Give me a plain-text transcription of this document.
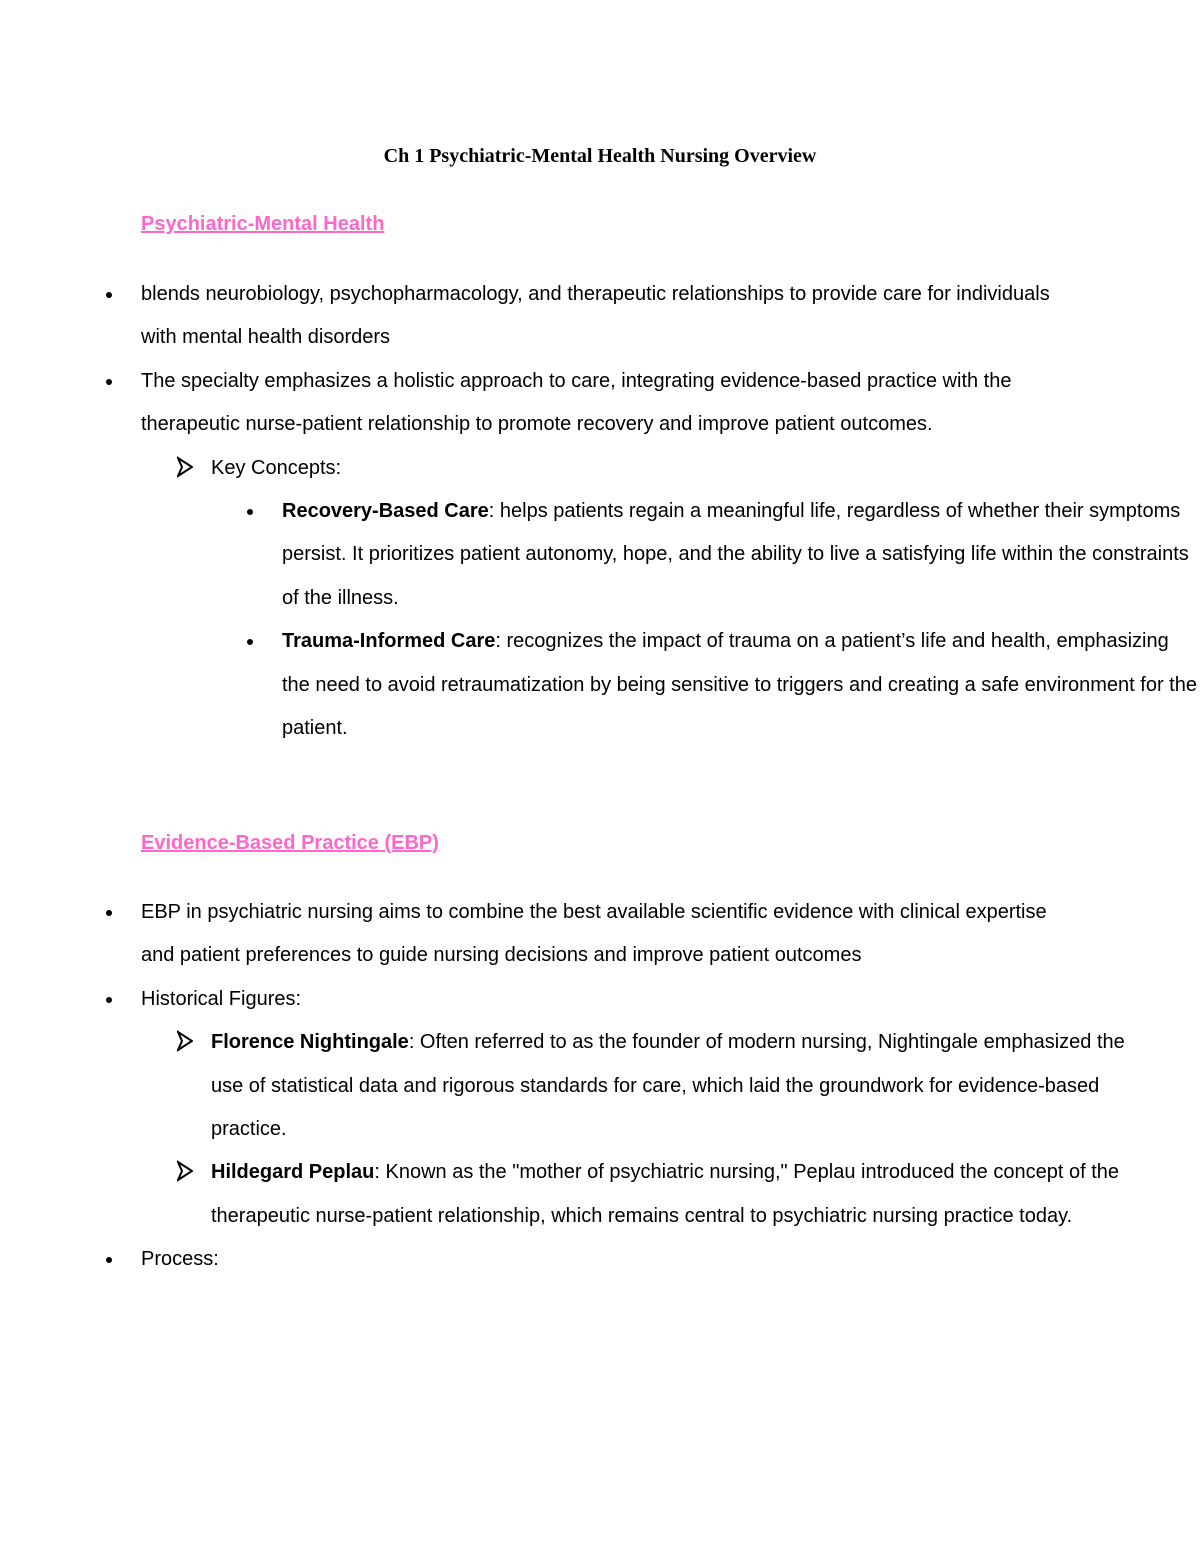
Ch 1 Psychiatric-Mental Health Nursing Overview
Psychiatric-Mental Health
blends neurobiology, psychopharmacology, and therapeutic relationships to provide care for individuals with mental health disorders
The specialty emphasizes a holistic approach to care, integrating evidence-based practice with the therapeutic nurse-patient relationship to promote recovery and improve patient outcomes.
Key Concepts:
Recovery-Based Care: helps patients regain a meaningful life, regardless of whether their symptoms persist. It prioritizes patient autonomy, hope, and the ability to live a satisfying life within the constraints of the illness.
Trauma-Informed Care: recognizes the impact of trauma on a patient’s life and health, emphasizing the need to avoid retraumatization by being sensitive to triggers and creating a safe environment for the patient.
Evidence-Based Practice (EBP)
EBP in psychiatric nursing aims to combine the best available scientific evidence with clinical expertise and patient preferences to guide nursing decisions and improve patient outcomes
Historical Figures:
Florence Nightingale: Often referred to as the founder of modern nursing, Nightingale emphasized the use of statistical data and rigorous standards for care, which laid the groundwork for evidence-based practice.
Hildegard Peplau: Known as the "mother of psychiatric nursing," Peplau introduced the concept of the therapeutic nurse-patient relationship, which remains central to psychiatric nursing practice today.
Process:
